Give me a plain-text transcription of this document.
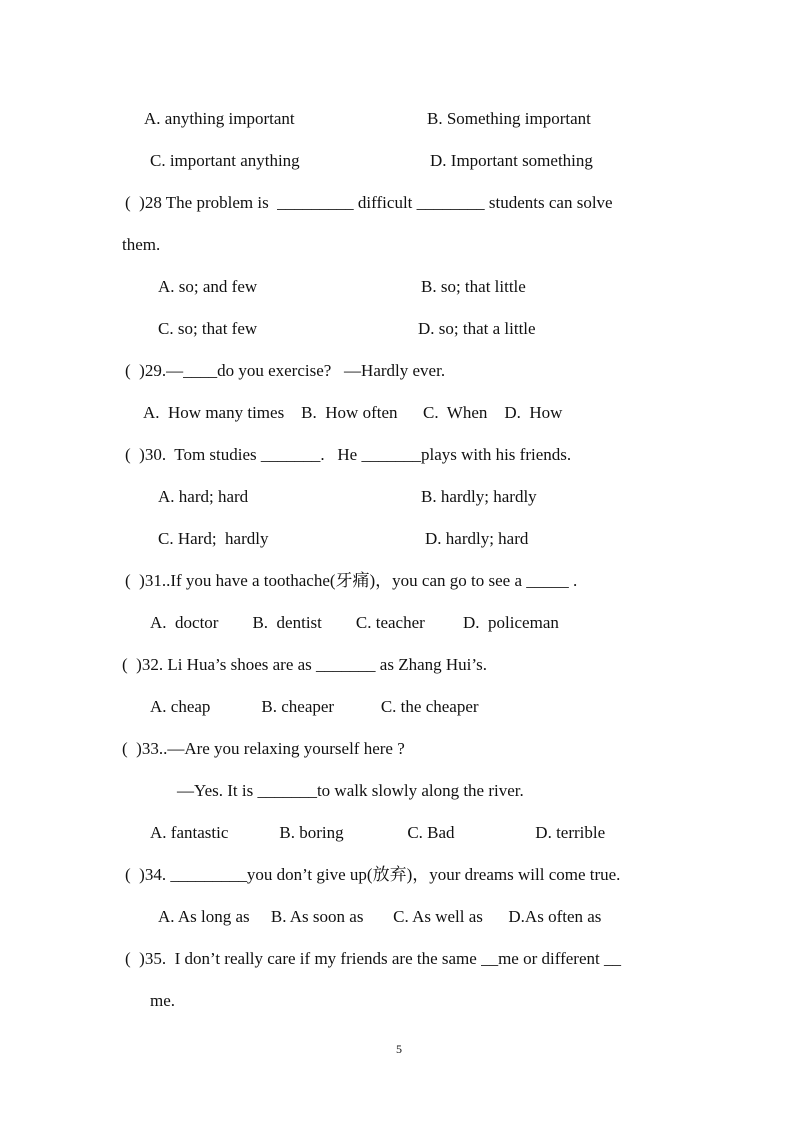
A. anything important	B. Something important
C. important anything	D. Important something
(  )28 The problem is  _________ difficult ________ students can solve
them.
A. so; and few	B. so; that little
C. so; that few	D. so; that a little
(  )29.—____do you exercise?   —Hardly ever.
A.  How many times    B.  How often      C.  When    D.  How
(  )30.  Tom studies _______.   He _______plays with his friends.
A. hard; hard	B. hardly; hardly
C. Hard;  hardly	D. hardly; hard
(  )31..If you have a toothache(牙痛)，you can go to see a _____ .
A.  doctor        B.  dentist        C. teacher         D.  policeman
(  )32. Li Hua’s shoes are as _______ as Zhang Hui’s.
A. cheap            B. cheaper           C. the cheaper
(  )33..—Are you relaxing yourself here ?
—Yes. It is _______to walk slowly along the river.
A. fantastic            B. boring               C. Bad                   D. terrible
(  )34. _________you don’t give up(放弃)，your dreams will come true.
A. As long as     B. As soon as       C. As well as      D.As often as
(  )35.  I don’t really care if my friends are the same __me or different __
me.
5
